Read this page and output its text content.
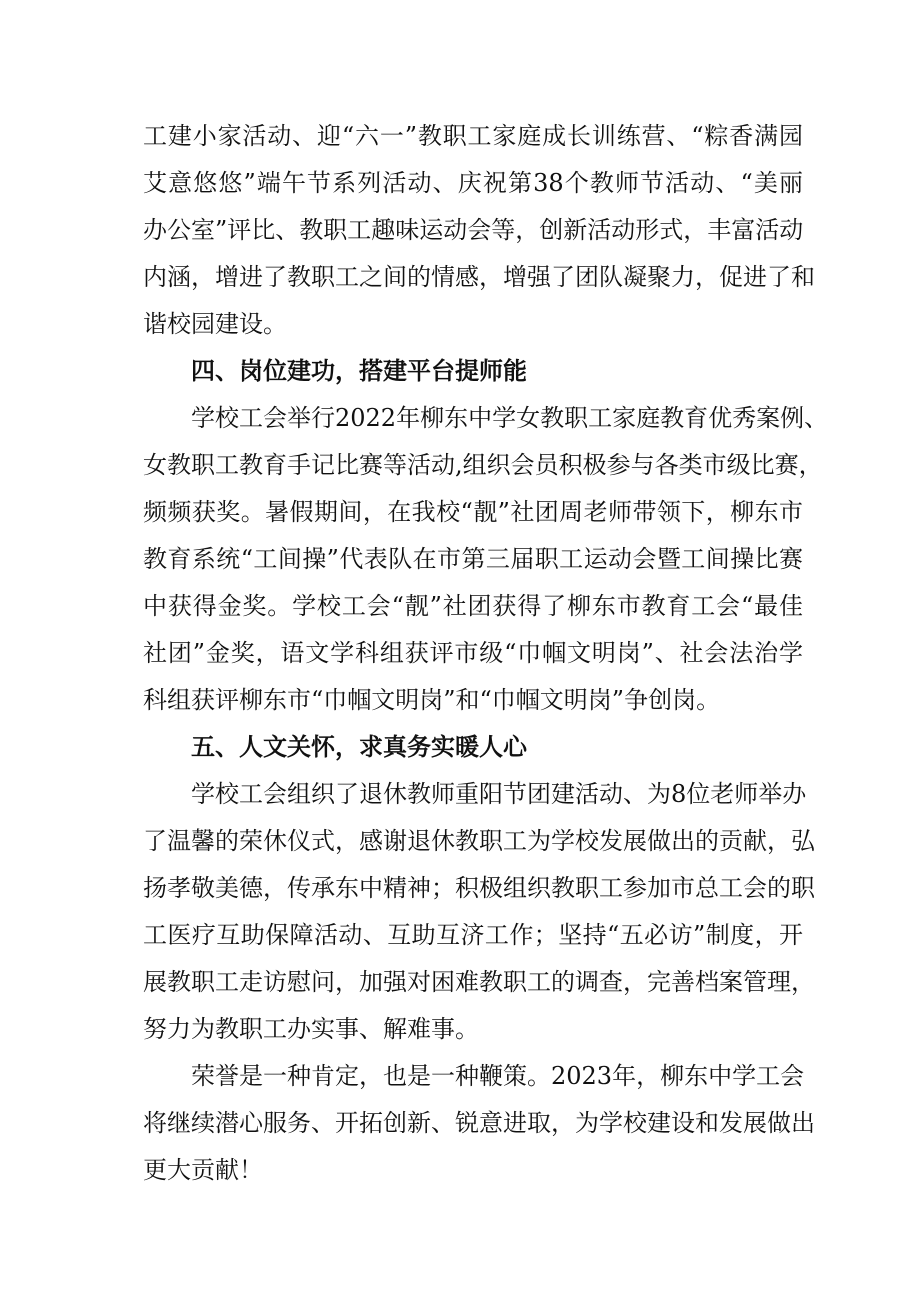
工建小家活动、迎“六一”教职工家庭成长训练营、“粽香满园
艾意悠悠”端午节系列活动、庆祝第38个教师节活动、“美丽
办公室”评比、教职工趣味运动会等，创新活动形式，丰富活动
内涵，增进了教职工之间的情感，增强了团队凝聚力，促进了和
谐校园建设。
四、岗位建功，搭建平台提师能
学校工会举行2022年柳东中学女教职工家庭教育优秀案例、
女教职工教育手记比赛等活动,组织会员积极参与各类市级比赛，
频频获奖。暑假期间，在我校“靓”社团周老师带领下，柳东市
教育系统“工间操”代表队在市第三届职工运动会暨工间操比赛
中获得金奖。学校工会“靓”社团获得了柳东市教育工会“最佳
社团”金奖，语文学科组获评市级“巾帼文明岗”、社会法治学
科组获评柳东市“巾帼文明岗”和“巾帼文明岗”争创岗。
五、人文关怀，求真务实暖人心
学校工会组织了退休教师重阳节团建活动、为8位老师举办
了温馨的荣休仪式，感谢退休教职工为学校发展做出的贡献，弘
扬孝敬美德，传承东中精神；积极组织教职工参加市总工会的职
工医疗互助保障活动、互助互济工作；坚持“五必访”制度，开
展教职工走访慰问，加强对困难教职工的调查，完善档案管理，
努力为教职工办实事、解难事。
荣誉是一种肯定，也是一种鞭策。2023年，柳东中学工会
将继续潜心服务、开拓创新、锐意进取，为学校建设和发展做出
更大贡献！
